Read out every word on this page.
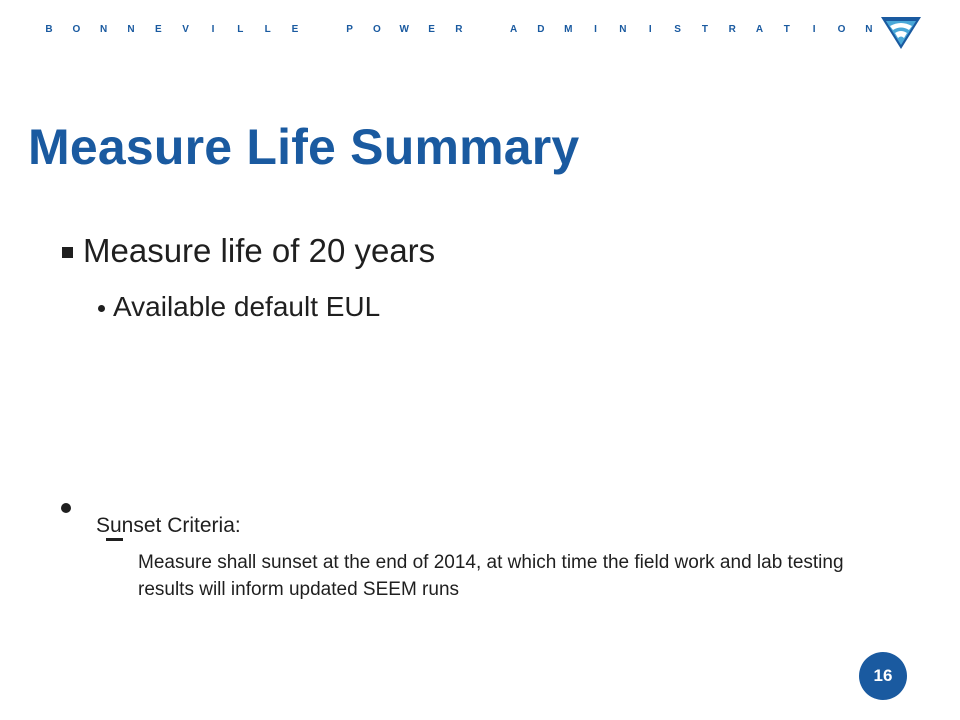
B O N N E V	I	L L E	P O W E R	A D M	I	N	I	S T R A T	I	O N
Measure Life Summary
Measure life of 20 years
Available default EUL
Sunset Criteria:
Measure shall sunset at the end of 2014, at which time the field work and lab testing results will inform updated SEEM runs
16
